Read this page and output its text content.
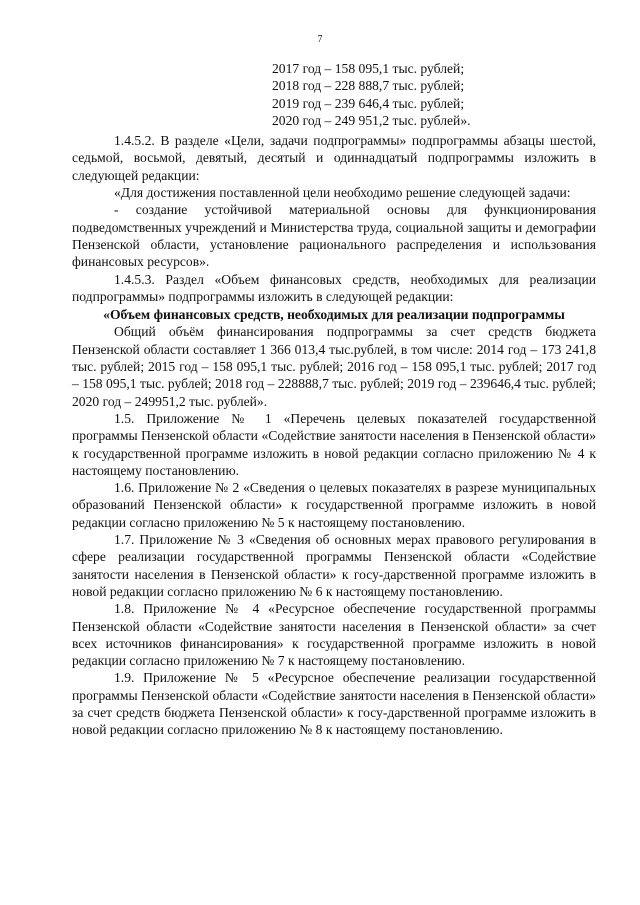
7
2017 год – 158 095,1 тыс. рублей;
2018 год – 228 888,7 тыс. рублей;
2019 год – 239 646,4 тыс. рублей;
2020 год – 249 951,2 тыс. рублей».

1.4.5.2. В разделе «Цели, задачи подпрограммы» подпрограммы абзацы шестой, седьмой, восьмой, девятый, десятый и одиннадцатый подпрограммы изложить в следующей редакции:

«Для достижения поставленной цели необходимо решение следующей задачи:

- создание устойчивой материальной основы для функционирования подведомственных учреждений и Министерства труда, социальной защиты и демографии Пензенской области, установление рационального распределения и использования финансовых ресурсов».

1.4.5.3. Раздел «Объем финансовых средств, необходимых для реализации подпрограммы» подпрограммы изложить в следующей редакции:

«Объем финансовых средств, необходимых для реализации подпрограммы

Общий объём финансирования подпрограммы за счет средств бюджета Пензенской области составляет 1 366 013,4 тыс.рублей, в том числе: 2014 год – 173 241,8 тыс. рублей; 2015 год – 158 095,1 тыс. рублей; 2016 год – 158 095,1 тыс. рублей; 2017 год – 158 095,1 тыс. рублей; 2018 год – 228888,7 тыс. рублей; 2019 год – 239646,4 тыс. рублей; 2020 год – 249951,2 тыс. рублей».

1.5. Приложение № 1 «Перечень целевых показателей государственной программы Пензенской области «Содействие занятости населения в Пензенской области» к государственной программе изложить в новой редакции согласно приложению № 4 к настоящему постановлению.

1.6. Приложение № 2 «Сведения о целевых показателях в разрезе муниципальных образований Пензенской области» к государственной программе изложить в новой редакции согласно приложению № 5 к настоящему постановлению.

1.7. Приложение № 3 «Сведения об основных мерах правового регулирования в сфере реализации государственной программы Пензенской области «Содействие занятости населения в Пензенской области» к госу-дарственной программе изложить в новой редакции согласно приложению № 6 к настоящему постановлению.

1.8. Приложение № 4 «Ресурсное обеспечение государственной программы Пензенской области «Содействие занятости населения в Пензенской области» за счет всех источников финансирования» к государственной программе изложить в новой редакции согласно приложению № 7 к настоящему постановлению.

1.9. Приложение № 5 «Ресурсное обеспечение реализации государственной программы Пензенской области «Содействие занятости населения в Пензенской области» за счет средств бюджета Пензенской области» к госу-дарственной программе изложить в новой редакции согласно приложению № 8 к настоящему постановлению.
